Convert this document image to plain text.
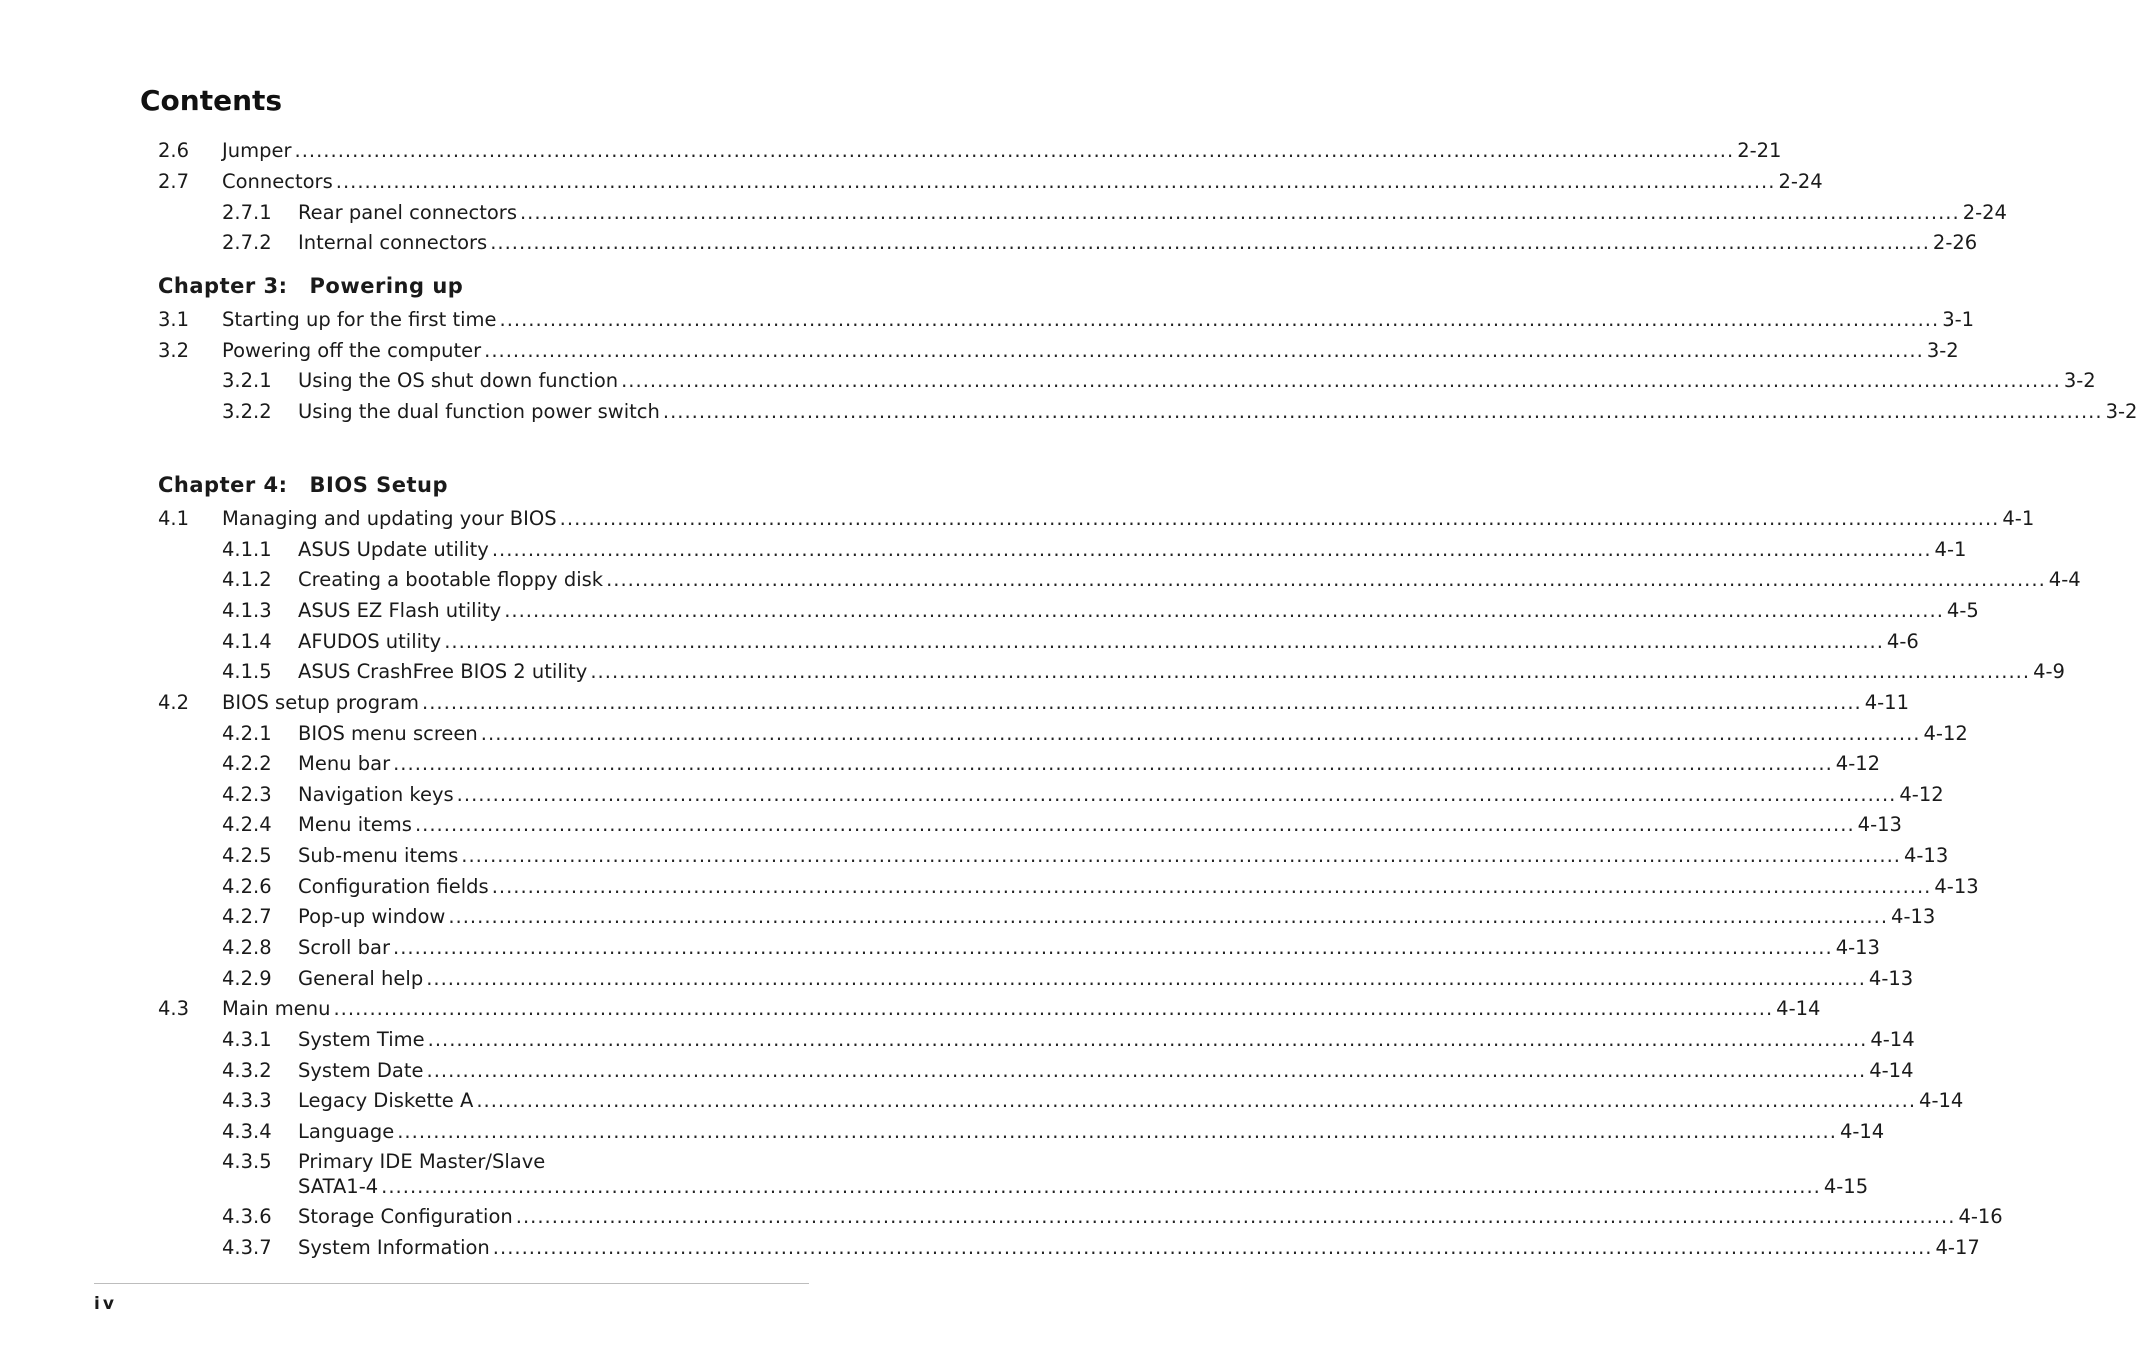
Contents
2.6 Jumper ........................................................................................................................................................................................................ 2-21
2.7 Connectors ........................................................................................................................................................................................................ 2-24
2.7.1 Rear panel connectors ........................................................................................................................................................................................................ 2-24
2.7.2 Internal connectors ........................................................................................................................................................................................................ 2-26
3.1 Starting up for the first time ........................................................................................................................................................................................................ 3-1
3.2 Powering off the computer ........................................................................................................................................................................................................ 3-2
3.2.1 Using the OS shut down function ........................................................................................................................................................................................................ 3-2
3.2.2 Using the dual function power switch ........................................................................................................................................................................................................ 3-2
4.1 Managing and updating your BIOS ........................................................................................................................................................................................................ 4-1
4.1.1 ASUS Update utility ........................................................................................................................................................................................................ 4-1
4.1.2 Creating a bootable floppy disk ........................................................................................................................................................................................................ 4-4
4.1.3 ASUS EZ Flash utility ........................................................................................................................................................................................................ 4-5
4.1.4 AFUDOS utility ........................................................................................................................................................................................................ 4-6
4.1.5 ASUS CrashFree BIOS 2 utility ........................................................................................................................................................................................................ 4-9
4.2 BIOS setup program ........................................................................................................................................................................................................ 4-11
4.2.1 BIOS menu screen ........................................................................................................................................................................................................ 4-12
4.2.2 Menu bar ........................................................................................................................................................................................................ 4-12
4.2.3 Navigation keys ........................................................................................................................................................................................................ 4-12
4.2.4 Menu items ........................................................................................................................................................................................................ 4-13
4.2.5 Sub-menu items ........................................................................................................................................................................................................ 4-13
4.2.6 Configuration fields ........................................................................................................................................................................................................ 4-13
4.2.7 Pop-up window ........................................................................................................................................................................................................ 4-13
4.2.8 Scroll bar ........................................................................................................................................................................................................ 4-13
4.2.9 General help ........................................................................................................................................................................................................ 4-13
4.3 Main menu ........................................................................................................................................................................................................ 4-14
4.3.1 System Time ........................................................................................................................................................................................................ 4-14
4.3.2 System Date ........................................................................................................................................................................................................ 4-14
4.3.3 Legacy Diskette A ........................................................................................................................................................................................................ 4-14
4.3.4 Language ........................................................................................................................................................................................................ 4-14
Primary IDE Master/Slave
4.3.5
SATA1-4 ........................................................................................................................................................................................................ 4-15
4.3.6 Storage Configuration ........................................................................................................................................................................................................ 4-16
4.3.7 System Information ........................................................................................................................................................................................................ 4-17
Chapter 3: Powering up
Chapter 4: BIOS Setup
iv
